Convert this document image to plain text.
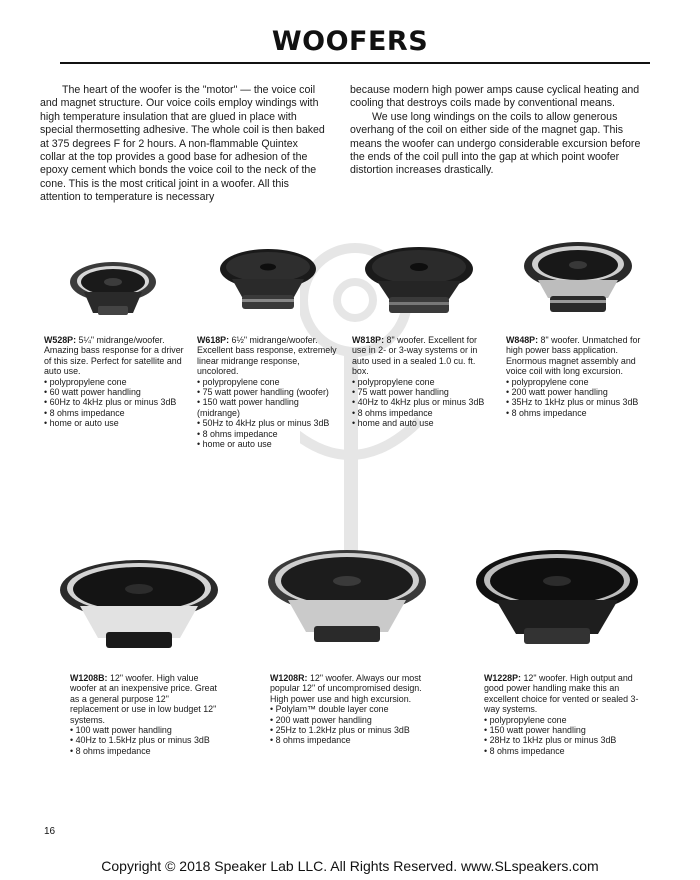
WOOFERS

The heart of the woofer is the "motor" — the voice coil and magnet structure. Our voice coils employ windings with high temperature insulation that are glued in place with special thermosetting adhesive. The whole coil is then baked at 375 degrees F for 2 hours. A non-flammable Quintex collar at the top provides a good base for adhesion of the epoxy cement which bonds the voice coil to the neck of the cone. This is the most critical joint in a woofer. All this attention to temperature is necessary

because modern high power amps cause cyclical heating and cooling that destroys coils made by conventional means.

We use long windings on the coils to allow generous overhang of the coil on either side of the magnet gap. This means the woofer can undergo considerable excursion before the ends of the coil pull into the gap at which point woofer distortion increases drastically.

W528P: 5¼" midrange/woofer. Amazing bass response for a driver of this size. Perfect for satellite and auto use.
• polypropylene cone
• 60 watt power handling
• 60Hz to 4kHz plus or minus 3dB
• 8 ohms impedance
• home or auto use
W618P: 6½" midrange/woofer. Excellent bass response, extremely linear midrange response, uncolored.
• polypropylene cone
• 75 watt power handling (woofer)
• 150 watt power handling (midrange)
• 50Hz to 4kHz plus or minus 3dB
• 8 ohms impedance
• home or auto use
W818P: 8" woofer. Excellent for use in 2- or 3-way systems or in auto used in a sealed 1.0 cu. ft. box.
• polypropylene cone
• 75 watt power handling
• 40Hz to 4kHz plus or minus 3dB
• 8 ohms impedance
• home and auto use
W848P: 8" woofer. Unmatched for high power bass application. Enormous magnet assembly and voice coil with long excursion.
• polypropylene cone
• 200 watt power handling
• 35Hz to 1kHz plus or minus 3dB
• 8 ohms impedance
W1208B: 12" woofer. High value woofer at an inexpensive price. Great as a general purpose 12" replacement or use in low budget 12" systems.
• 100 watt power handling
• 40Hz to 1.5kHz plus or minus 3dB
• 8 ohms impedance
W1208R: 12" woofer. Always our most popular 12" of uncompromised design. High power use and high excursion.
• Polylam™ double layer cone
• 200 watt power handling
• 25Hz to 1.2kHz plus or minus 3dB
• 8 ohms impedance
W1228P: 12" woofer. High output and good power handling make this an excellent choice for vented or sealed 3-way systems.
• polypropylene cone
• 150 watt power handling
• 28Hz to 1kHz plus or minus 3dB
• 8 ohms impedance
16
Copyright © 2018 Speaker Lab LLC. All Rights Reserved. www.SLspeakers.com
